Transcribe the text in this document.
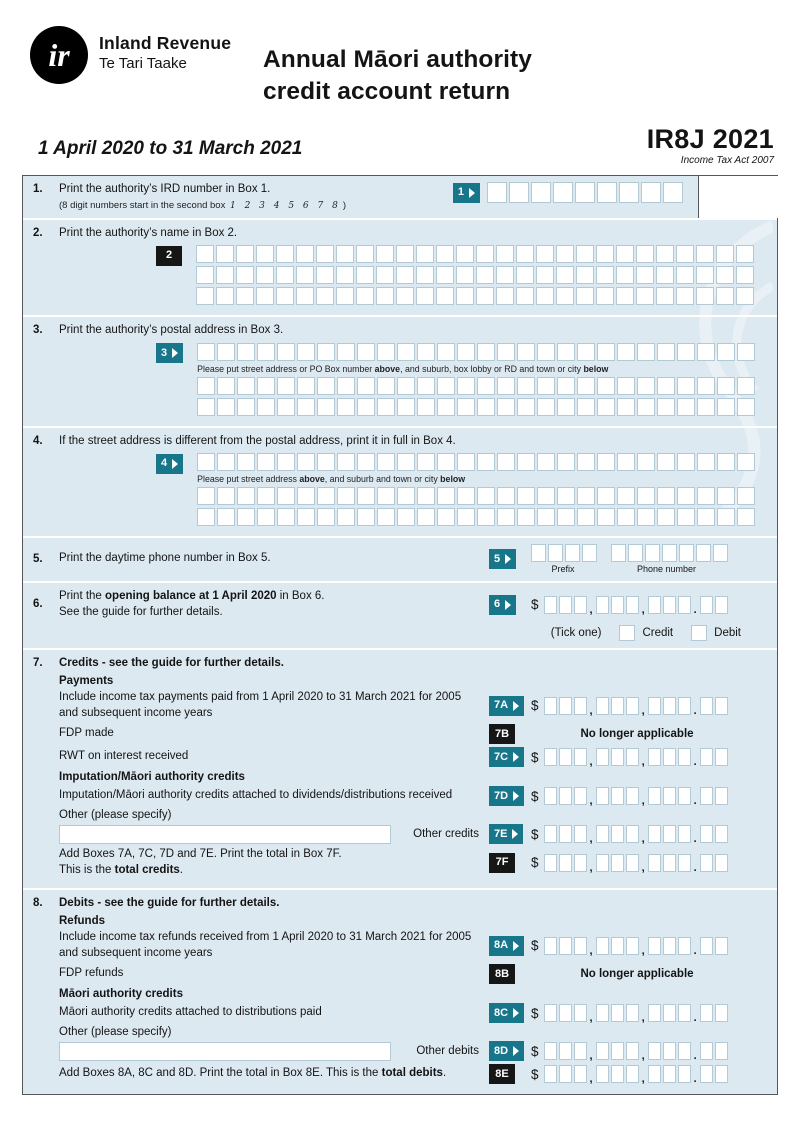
ir Inland Revenue
Te Tari Taake	Annual Māori authority
credit account return
1 April 2020 to 31 March 2021	IR8J 2021
Income Tax Act 2007
1.	Print the authority’s IRD number in Box 1.
(8 digit numbers start in the second box 1 2 3 4 5 6 7 8 )
1
2.	Print the authority’s name in Box 2.
2
3.	Print the authority’s postal address in Box 3.
3
Please put street address or PO Box number above, and suburb, box lobby or RD and town or city below
4.	If the street address is different from the postal address, print it in full in Box 4.
4
Please put street address above, and suburb and town or city below
5.	Print the daytime phone number in Box 5.	5
Prefix	Phone number
6.
Print the opening balance at 1 April 2020 in Box 6.
See the guide for further details.
6 $	,	,	.
(Tick one)	Credit	Debit
7.	Credits - see the guide for further details.
Payments
Include income tax payments paid from 1 April 2020 to 31 March 2021 for 2005 and subsequent income years
7A $	,	,	.
FDP made	7B	No longer applicable
RWT on interest received	7C $	,	,	.
Imputation/Māori authority credits
Imputation/Māori authority credits attached to dividends/distributions received	7D $	,	,	.
Other (please specify)
Other credits	7E $	,	,	.
Add Boxes 7A, 7C, 7D and 7E. Print the total in Box 7F.
This is the total credits.
7F $	,	,	.
8.	Debits - see the guide for further details.
Refunds
Include income tax refunds received from 1 April 2020 to 31 March 2021 for 2005 and subsequent income years
8A $	,	,	.
FDP refunds	8B	No longer applicable
Māori authority credits
Māori authority credits attached to distributions paid	8C $	,	,	.
Other (please specify)
Other debits	8D $	,	,	.
Add Boxes 8A, 8C and 8D. Print the total in Box 8E. This is the total debits.	8E $	,	,	.
